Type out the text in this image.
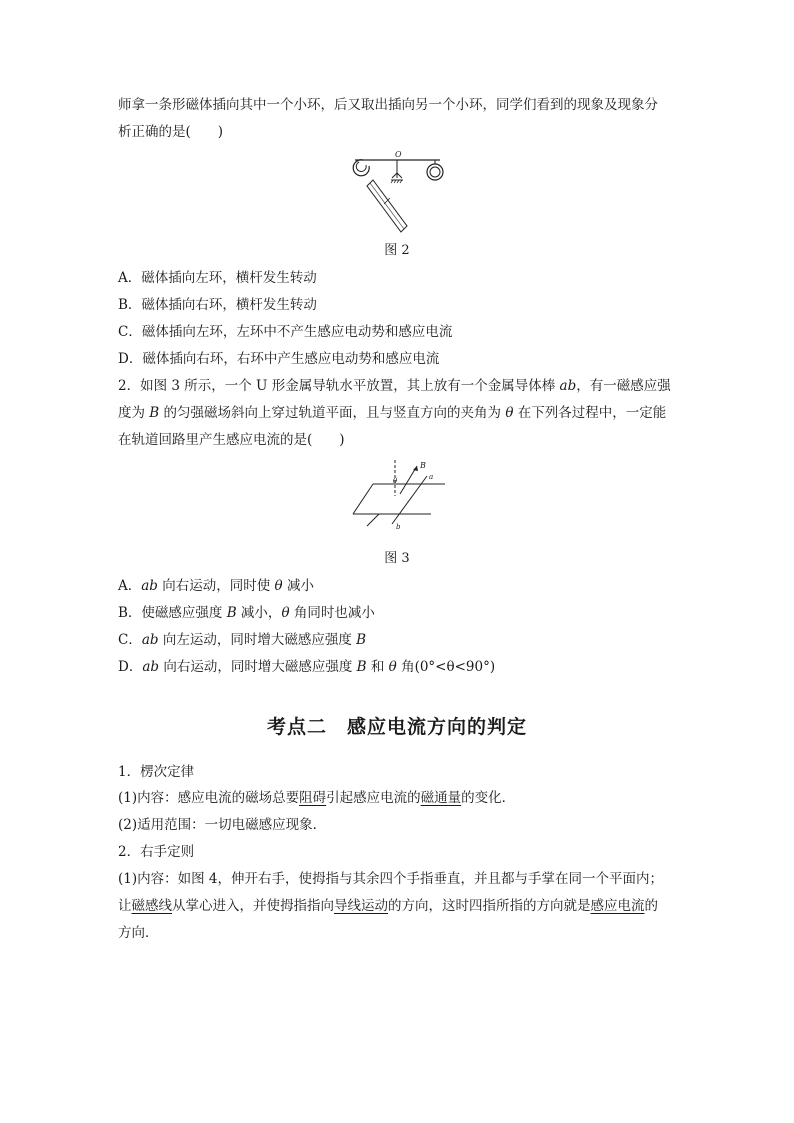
师拿一条形磁体插向其中一个小环，后又取出插向另一个小环，同学们看到的现象及现象分
析正确的是(　　)
O
图 2
A．磁体插向左环，横杆发生转动
B．磁体插向右环，横杆发生转动
C．磁体插向左环，左环中不产生感应电动势和感应电流
D．磁体插向右环，右环中产生感应电动势和感应电流
2．如图 3 所示，一个 U 形金属导轨水平放置，其上放有一个金属导体棒 ab，有一磁感应强
度为 B 的匀强磁场斜向上穿过轨道平面，且与竖直方向的夹角为 θ 在下列各过程中，一定能
在轨道回路里产生感应电流的是(　　)
B
θ	a
b
图 3
A．ab 向右运动，同时使 θ 减小
B．使磁感应强度 B 减小，θ 角同时也减小
C．ab 向左运动，同时增大磁感应强度 B
D．ab 向右运动，同时增大磁感应强度 B 和 θ 角(0°<θ<90°)
考点二　感应电流方向的判定
1．楞次定律
(1)内容：感应电流的磁场总要阻碍引起感应电流的磁通量的变化．
(2)适用范围：一切电磁感应现象．
2．右手定则
(1)内容：如图 4，伸开右手，使拇指与其余四个手指垂直，并且都与手掌在同一个平面内；
让磁感线从掌心进入，并使拇指指向导线运动的方向，这时四指所指的方向就是感应电流的
方向．
